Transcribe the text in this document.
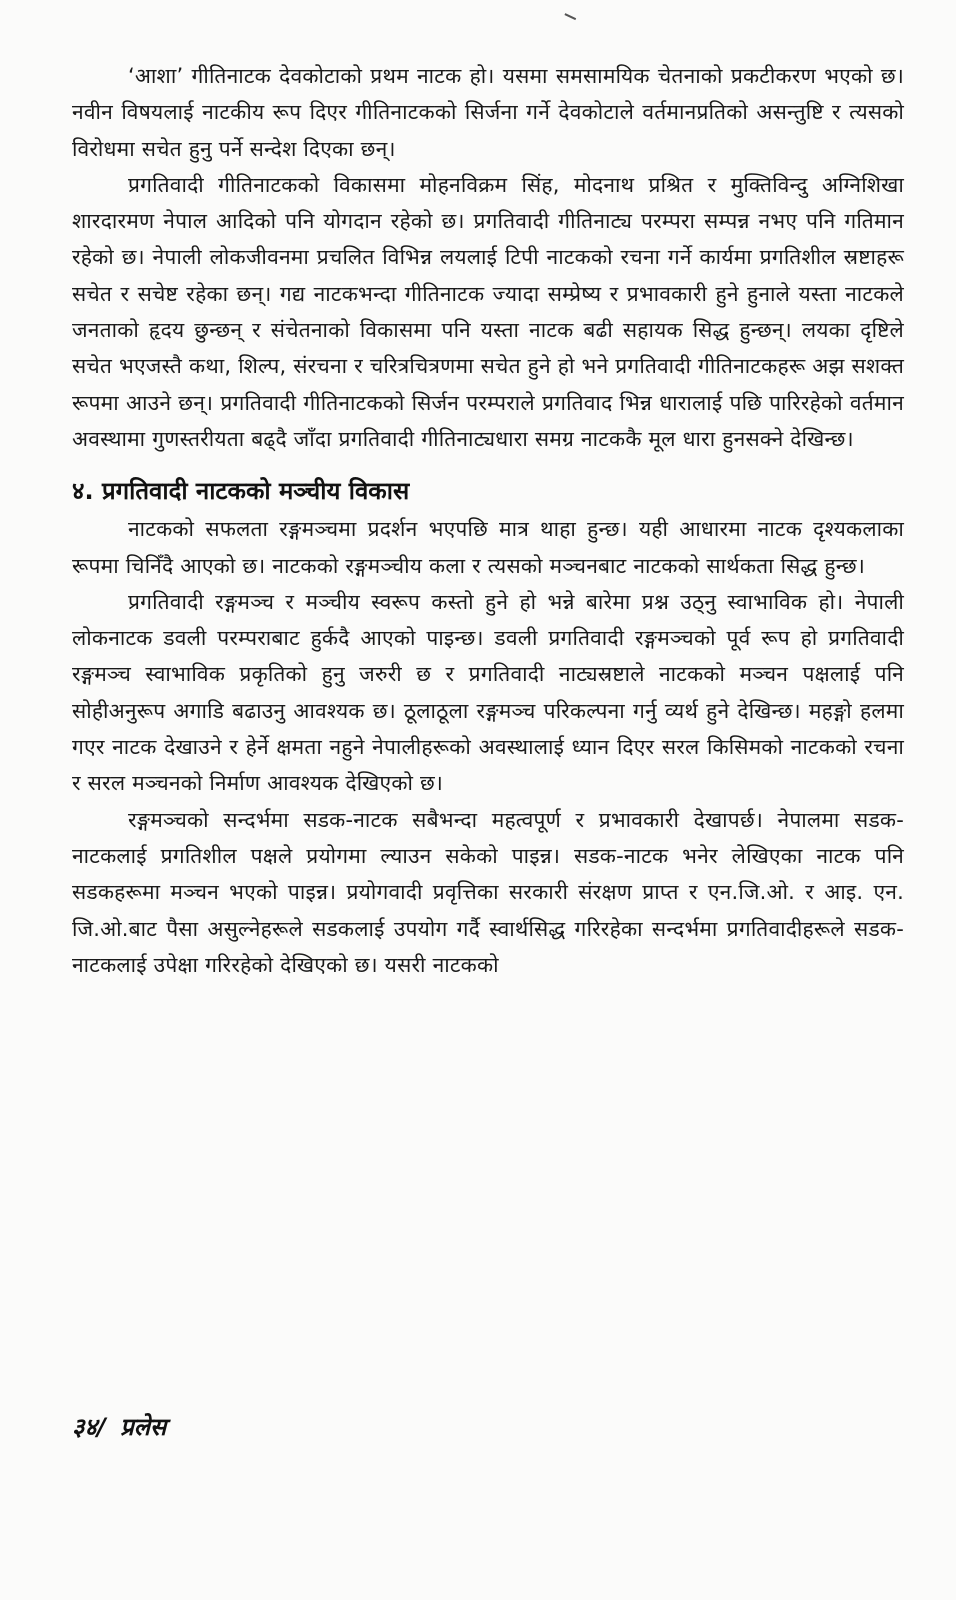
‘आशा’ गीतिनाटक देवकोटाको प्रथम नाटक हो। यसमा समसामयिक चेतनाको प्रकटीकरण भएको छ। नवीन विषयलाई नाटकीय रूप दिएर गीतिनाटकको सिर्जना गर्ने देवकोटाले वर्तमानप्रतिको असन्तुष्टि र त्यसको विरोधमा सचेत हुनु पर्ने सन्देश दिएका छन्।

प्रगतिवादी गीतिनाटकको विकासमा मोहनविक्रम सिंह, मोदनाथ प्रश्रित र मुक्तिविन्दु अग्निशिखा शारदारमण नेपाल आदिको पनि योगदान रहेको छ। प्रगतिवादी गीतिनाट्य परम्परा सम्पन्न नभए पनि गतिमान रहेको छ। नेपाली लोकजीवनमा प्रचलित विभिन्न लयलाई टिपी नाटकको रचना गर्ने कार्यमा प्रगतिशील स्रष्टाहरू सचेत र सचेष्ट रहेका छन्। गद्य नाटकभन्दा गीतिनाटक ज्यादा सम्प्रेष्य र प्रभावकारी हुने हुनाले यस्ता नाटकले जनताको हृदय छुन्छन् र संचेतनाको विकासमा पनि यस्ता नाटक बढी सहायक सिद्ध हुन्छन्। लयका दृष्टिले सचेत भएजस्तै कथा, शिल्प, संरचना र चरित्रचित्रणमा सचेत हुने हो भने प्रगतिवादी गीतिनाटकहरू अझ सशक्त रूपमा आउने छन्। प्रगतिवादी गीतिनाटकको सिर्जन परम्पराले प्रगतिवाद भिन्न धारालाई पछि पारिरहेको वर्तमान अवस्थामा गुणस्तरीयता बढ्दै जाँदा प्रगतिवादी गीतिनाट्यधारा समग्र नाटककै मूल धारा हुनसक्ने देखिन्छ।

४. प्रगतिवादी नाटकको मञ्चीय विकास

नाटकको सफलता रङ्गमञ्चमा प्रदर्शन भएपछि मात्र थाहा हुन्छ। यही आधारमा नाटक दृश्यकलाका रूपमा चिनिँदै आएको छ। नाटकको रङ्गमञ्चीय कला र त्यसको मञ्चनबाट नाटकको सार्थकता सिद्ध हुन्छ।

प्रगतिवादी रङ्गमञ्च र मञ्चीय स्वरूप कस्तो हुने हो भन्ने बारेमा प्रश्न उठ्नु स्वाभाविक हो। नेपाली लोकनाटक डवली परम्पराबाट हुर्कदै आएको पाइन्छ। डवली प्रगतिवादी रङ्गमञ्चको पूर्व रूप हो प्रगतिवादी रङ्गमञ्च स्वाभाविक प्रकृतिको हुनु जरुरी छ र प्रगतिवादी नाट्यस्रष्टाले नाटकको मञ्चन पक्षलाई पनि सोहीअनुरूप अगाडि बढाउनु आवश्यक छ। ठूलाठूला रङ्गमञ्च परिकल्पना गर्नु व्यर्थ हुने देखिन्छ। महङ्गो हलमा गएर नाटक देखाउने र हेर्ने क्षमता नहुने नेपालीहरूको अवस्थालाई ध्यान दिएर सरल किसिमको नाटकको रचना र सरल मञ्चनको निर्माण आवश्यक देखिएको छ।

रङ्गमञ्चको सन्दर्भमा सडक-नाटक सबैभन्दा महत्वपूर्ण र प्रभावकारी देखापर्छ। नेपालमा सडक-नाटकलाई प्रगतिशील पक्षले प्रयोगमा ल्याउन सकेको पाइन्न। सडक-नाटक भनेर लेखिएका नाटक पनि सडकहरूमा मञ्चन भएको पाइन्न। प्रयोगवादी प्रवृत्तिका सरकारी संरक्षण प्राप्त र एन.जि.ओ. र आइ. एन. जि.ओ.बाट पैसा असुल्नेहरूले सडकलाई उपयोग गर्दै स्वार्थसिद्ध गरिरहेका सन्दर्भमा प्रगतिवादीहरूले सडक-नाटकलाई उपेक्षा गरिरहेको देखिएको छ। यसरी नाटकको

३४/ प्रलेस
